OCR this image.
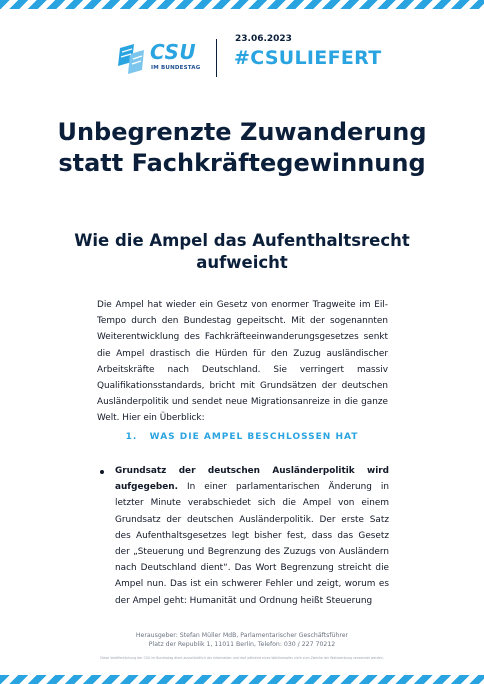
CSU
IM BUNDESTAG
23.06.2023
#CSULIEFERT
Unbegrenzte Zuwanderung statt Fachkräftegewinnung
Wie die Ampel das Aufenthaltsrecht aufweicht

Die Ampel hat wieder ein Gesetz von enormer Tragweite im Eil-Tempo durch den Bundestag gepeitscht. Mit der sogenannten Weiterentwicklung des Fachkräfteeinwanderungsgesetzes senkt die Ampel drastisch die Hürden für den Zuzug ausländischer Arbeitskräfte nach Deutschland. Sie verringert massiv Qualifikationsstandards, bricht mit Grundsätzen der deutschen Ausländerpolitik und sendet neue Migrationsanreize in die ganze Welt. Hier ein Überblick:

1. WAS DIE AMPEL BESCHLOSSEN HAT

Grundsatz der deutschen Ausländerpolitik wird aufgegeben. In einer parlamentarischen Änderung in letzter Minute verabschiedet sich die Ampel von einem Grundsatz der deutschen Ausländerpolitik. Der erste Satz des Aufenthaltsgesetzes legt bisher fest, dass das Gesetz der „Steuerung und Begrenzung des Zuzugs von Ausländern nach Deutschland dient“. Das Wort Begrenzung streicht die Ampel nun. Das ist ein schwerer Fehler und zeigt, worum es der Ampel geht: Humanität und Ordnung heißt Steuerung

Herausgeber: Stefan Müller MdB, Parlamentarischer Geschäftsführer
Platz der Republik 1, 11011 Berlin, Telefon: 030 / 227 70212
Diese Veröffentlichung der CSU im Bundestag dient ausschließlich der Information und darf während eines Wahlkampfes nicht zum Zwecke der Wahlwerbung verwendet werden.
